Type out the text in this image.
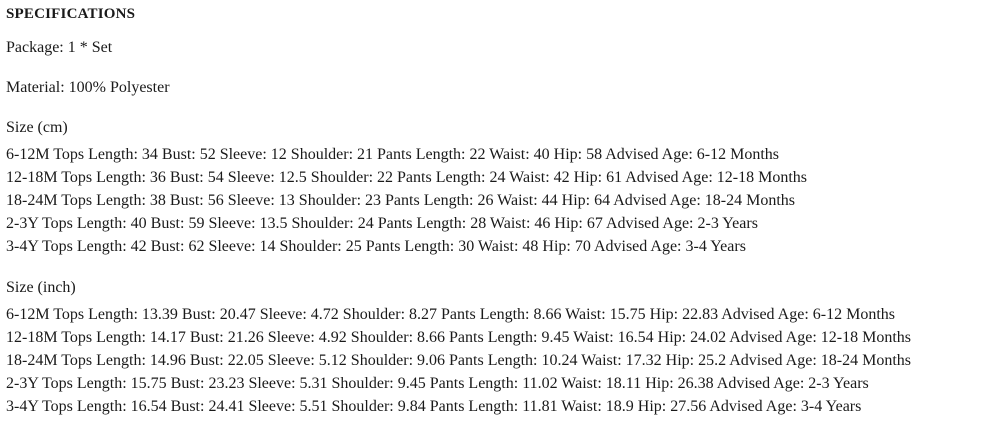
SPECIFICATIONS
Package: 1 * Set
Material: 100% Polyester
Size (cm)
6-12M Tops Length: 34 Bust: 52 Sleeve: 12 Shoulder: 21 Pants Length: 22 Waist: 40 Hip: 58 Advised Age: 6-12 Months
12-18M Tops Length: 36 Bust: 54 Sleeve: 12.5 Shoulder: 22 Pants Length: 24 Waist: 42 Hip: 61 Advised Age: 12-18 Months
18-24M Tops Length: 38 Bust: 56 Sleeve: 13 Shoulder: 23 Pants Length: 26 Waist: 44 Hip: 64 Advised Age: 18-24 Months
2-3Y Tops Length: 40 Bust: 59 Sleeve: 13.5 Shoulder: 24 Pants Length: 28 Waist: 46 Hip: 67 Advised Age: 2-3 Years
3-4Y Tops Length: 42 Bust: 62 Sleeve: 14 Shoulder: 25 Pants Length: 30 Waist: 48 Hip: 70 Advised Age: 3-4 Years
Size (inch)
6-12M Tops Length: 13.39 Bust: 20.47 Sleeve: 4.72 Shoulder: 8.27 Pants Length: 8.66 Waist: 15.75 Hip: 22.83 Advised Age: 6-12 Months
12-18M Tops Length: 14.17 Bust: 21.26 Sleeve: 4.92 Shoulder: 8.66 Pants Length: 9.45 Waist: 16.54 Hip: 24.02 Advised Age: 12-18 Months
18-24M Tops Length: 14.96 Bust: 22.05 Sleeve: 5.12 Shoulder: 9.06 Pants Length: 10.24 Waist: 17.32 Hip: 25.2 Advised Age: 18-24 Months
2-3Y Tops Length: 15.75 Bust: 23.23 Sleeve: 5.31 Shoulder: 9.45 Pants Length: 11.02 Waist: 18.11 Hip: 26.38 Advised Age: 2-3 Years
3-4Y Tops Length: 16.54 Bust: 24.41 Sleeve: 5.51 Shoulder: 9.84 Pants Length: 11.81 Waist: 18.9 Hip: 27.56 Advised Age: 3-4 Years
